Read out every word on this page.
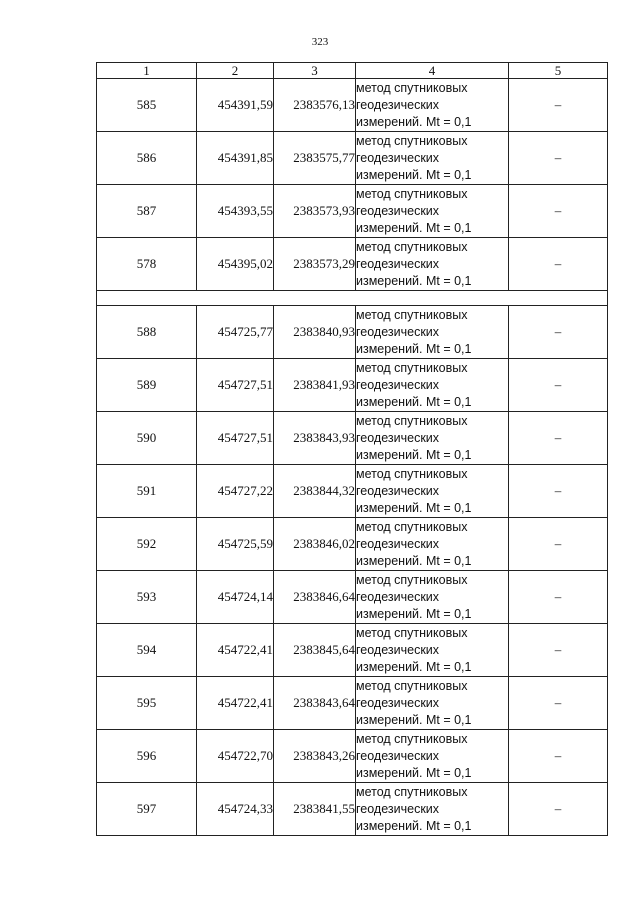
323
1	2	3	4	5
585	454391,59	2383576,13	метод спутниковых
геодезических
измерений. Mt = 0,1	–
586	454391,85	2383575,77	метод спутниковых
геодезических
измерений. Mt = 0,1	–
587	454393,55	2383573,93	метод спутниковых
геодезических
измерений. Mt = 0,1	–
578	454395,02	2383573,29	метод спутниковых
геодезических
измерений. Mt = 0,1	–

588	454725,77	2383840,93	метод спутниковых
геодезических
измерений. Mt = 0,1	–
589	454727,51	2383841,93	метод спутниковых
геодезических
измерений. Mt = 0,1	–
590	454727,51	2383843,93	метод спутниковых
геодезических
измерений. Mt = 0,1	–
591	454727,22	2383844,32	метод спутниковых
геодезических
измерений. Mt = 0,1	–
592	454725,59	2383846,02	метод спутниковых
геодезических
измерений. Mt = 0,1	–
593	454724,14	2383846,64	метод спутниковых
геодезических
измерений. Mt = 0,1	–
594	454722,41	2383845,64	метод спутниковых
геодезических
измерений. Mt = 0,1	–
595	454722,41	2383843,64	метод спутниковых
геодезических
измерений. Mt = 0,1	–
596	454722,70	2383843,26	метод спутниковых
геодезических
измерений. Mt = 0,1	–
597	454724,33	2383841,55	метод спутниковых
геодезических
измерений. Mt = 0,1	–
